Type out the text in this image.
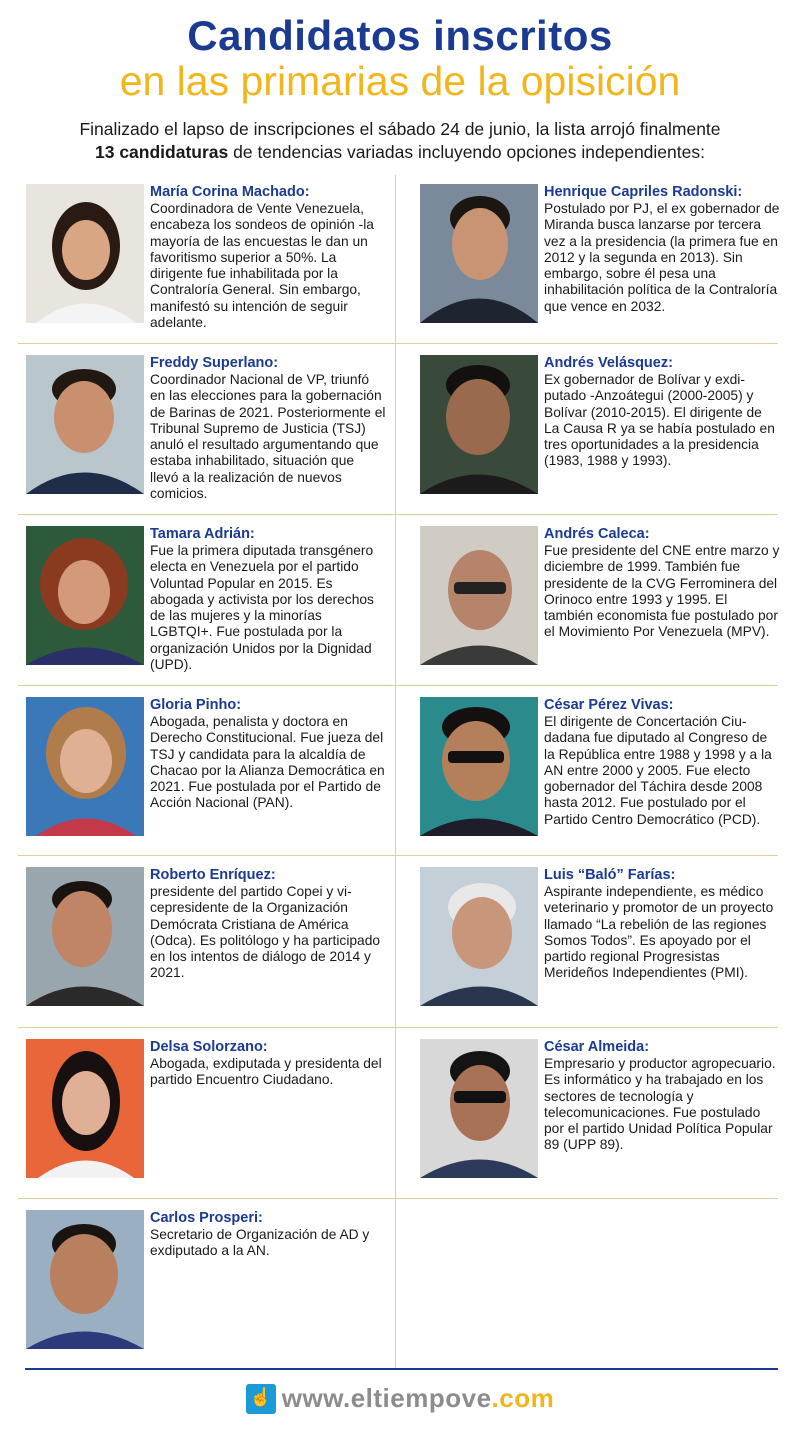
Candidatos inscritos
en las primarias de la opisición
Finalizado el lapso de inscripciones el sábado 24 de junio, la lista arrojó finalmente
13 candidaturas de tendencias variadas incluyendo opciones independientes:
María Corina Machado:
Coordinadora de Vente Venezuela, encabeza los sondeos de opinión -la mayoría de las encuestas le dan un favoritismo superior a 50%. La dirigente fue inhabilitada por la Contraloría General. Sin embargo, manifestó su intención de seguir adelante.
Henrique Capriles Radonski:
Postulado por PJ, el ex gobernador de Miranda busca lanzarse por tercera vez a la presidencia (la primera fue en 2012 y la segunda en 2013). Sin embargo, sobre él pesa una inhabilitación política de la Contraloría que vence en 2032.
Freddy Superlano:
Coordinador Nacional de VP, triunfó en las elecciones para la gobernación de Barinas de 2021. Posteriormente el Tribunal Supremo de Justicia (TSJ) anuló el resultado argumentando que estaba inhabilitado, situación que llevó a la realización de nuevos comicios.
Andrés Velásquez:
Ex gobernador de Bolívar y exdiputado -Anzoátegui (2000-2005) y Bolívar (2010-2015). El dirigente de La Causa R ya se había postulado en tres oportunidades a la presidencia (1983, 1988 y 1993).
Tamara Adrián:
Fue la primera diputada transgénero electa en Venezuela por el partido Voluntad Popular en 2015. Es abogada y activista por los derechos de las mujeres y la minorías LGBTQI+. Fue postulada por la organización Unidos por la Dignidad (UPD).
Andrés Caleca:
Fue presidente del CNE entre marzo y diciembre de 1999. También fue presidente de la CVG Ferrominera del Orinoco entre 1993 y 1995. El también economista fue postulado por el Movimiento Por Venezuela (MPV).
Gloria Pinho:
Abogada, penalista y doctora en Derecho Constitucional. Fue jueza del TSJ y candidata para la alcaldía de Chacao por la Alianza Democrática en 2021. Fue postulada por el Partido de Acción Nacional (PAN).
César Pérez Vivas:
El dirigente de Concertación Ciudadana fue diputado al Congreso de la República entre 1988 y 1998 y a la AN entre 2000 y 2005. Fue electo gobernador del Táchira desde 2008 hasta 2012. Fue postulado por el Partido Centro Democrático (PCD).
Roberto Enríquez:
presidente del partido Copei y vicepresidente de la Organización Demócrata Cristiana de América (Odca). Es politólogo y ha participado en los intentos de diálogo de 2014 y 2021.
Luis “Baló” Farías:
Aspirante independiente, es médico veterinario y promotor de un proyecto llamado “La rebelión de las regiones Somos Todos”. Es apoyado por el partido regional Progresistas Merideños Independientes (PMI).
Delsa Solorzano:
Abogada, exdiputada y presidenta del partido Encuentro Ciudadano.
César Almeida:
Empresario y productor agropecuario. Es informático y ha trabajado en los sectores de tecnología y telecomunicaciones. Fue postulado por el partido Unidad Política Popular 89 (UPP 89).
Carlos Prosperi:
Secretario de Organización de AD y exdiputado a la AN.
☝ www.eltiempove.com
